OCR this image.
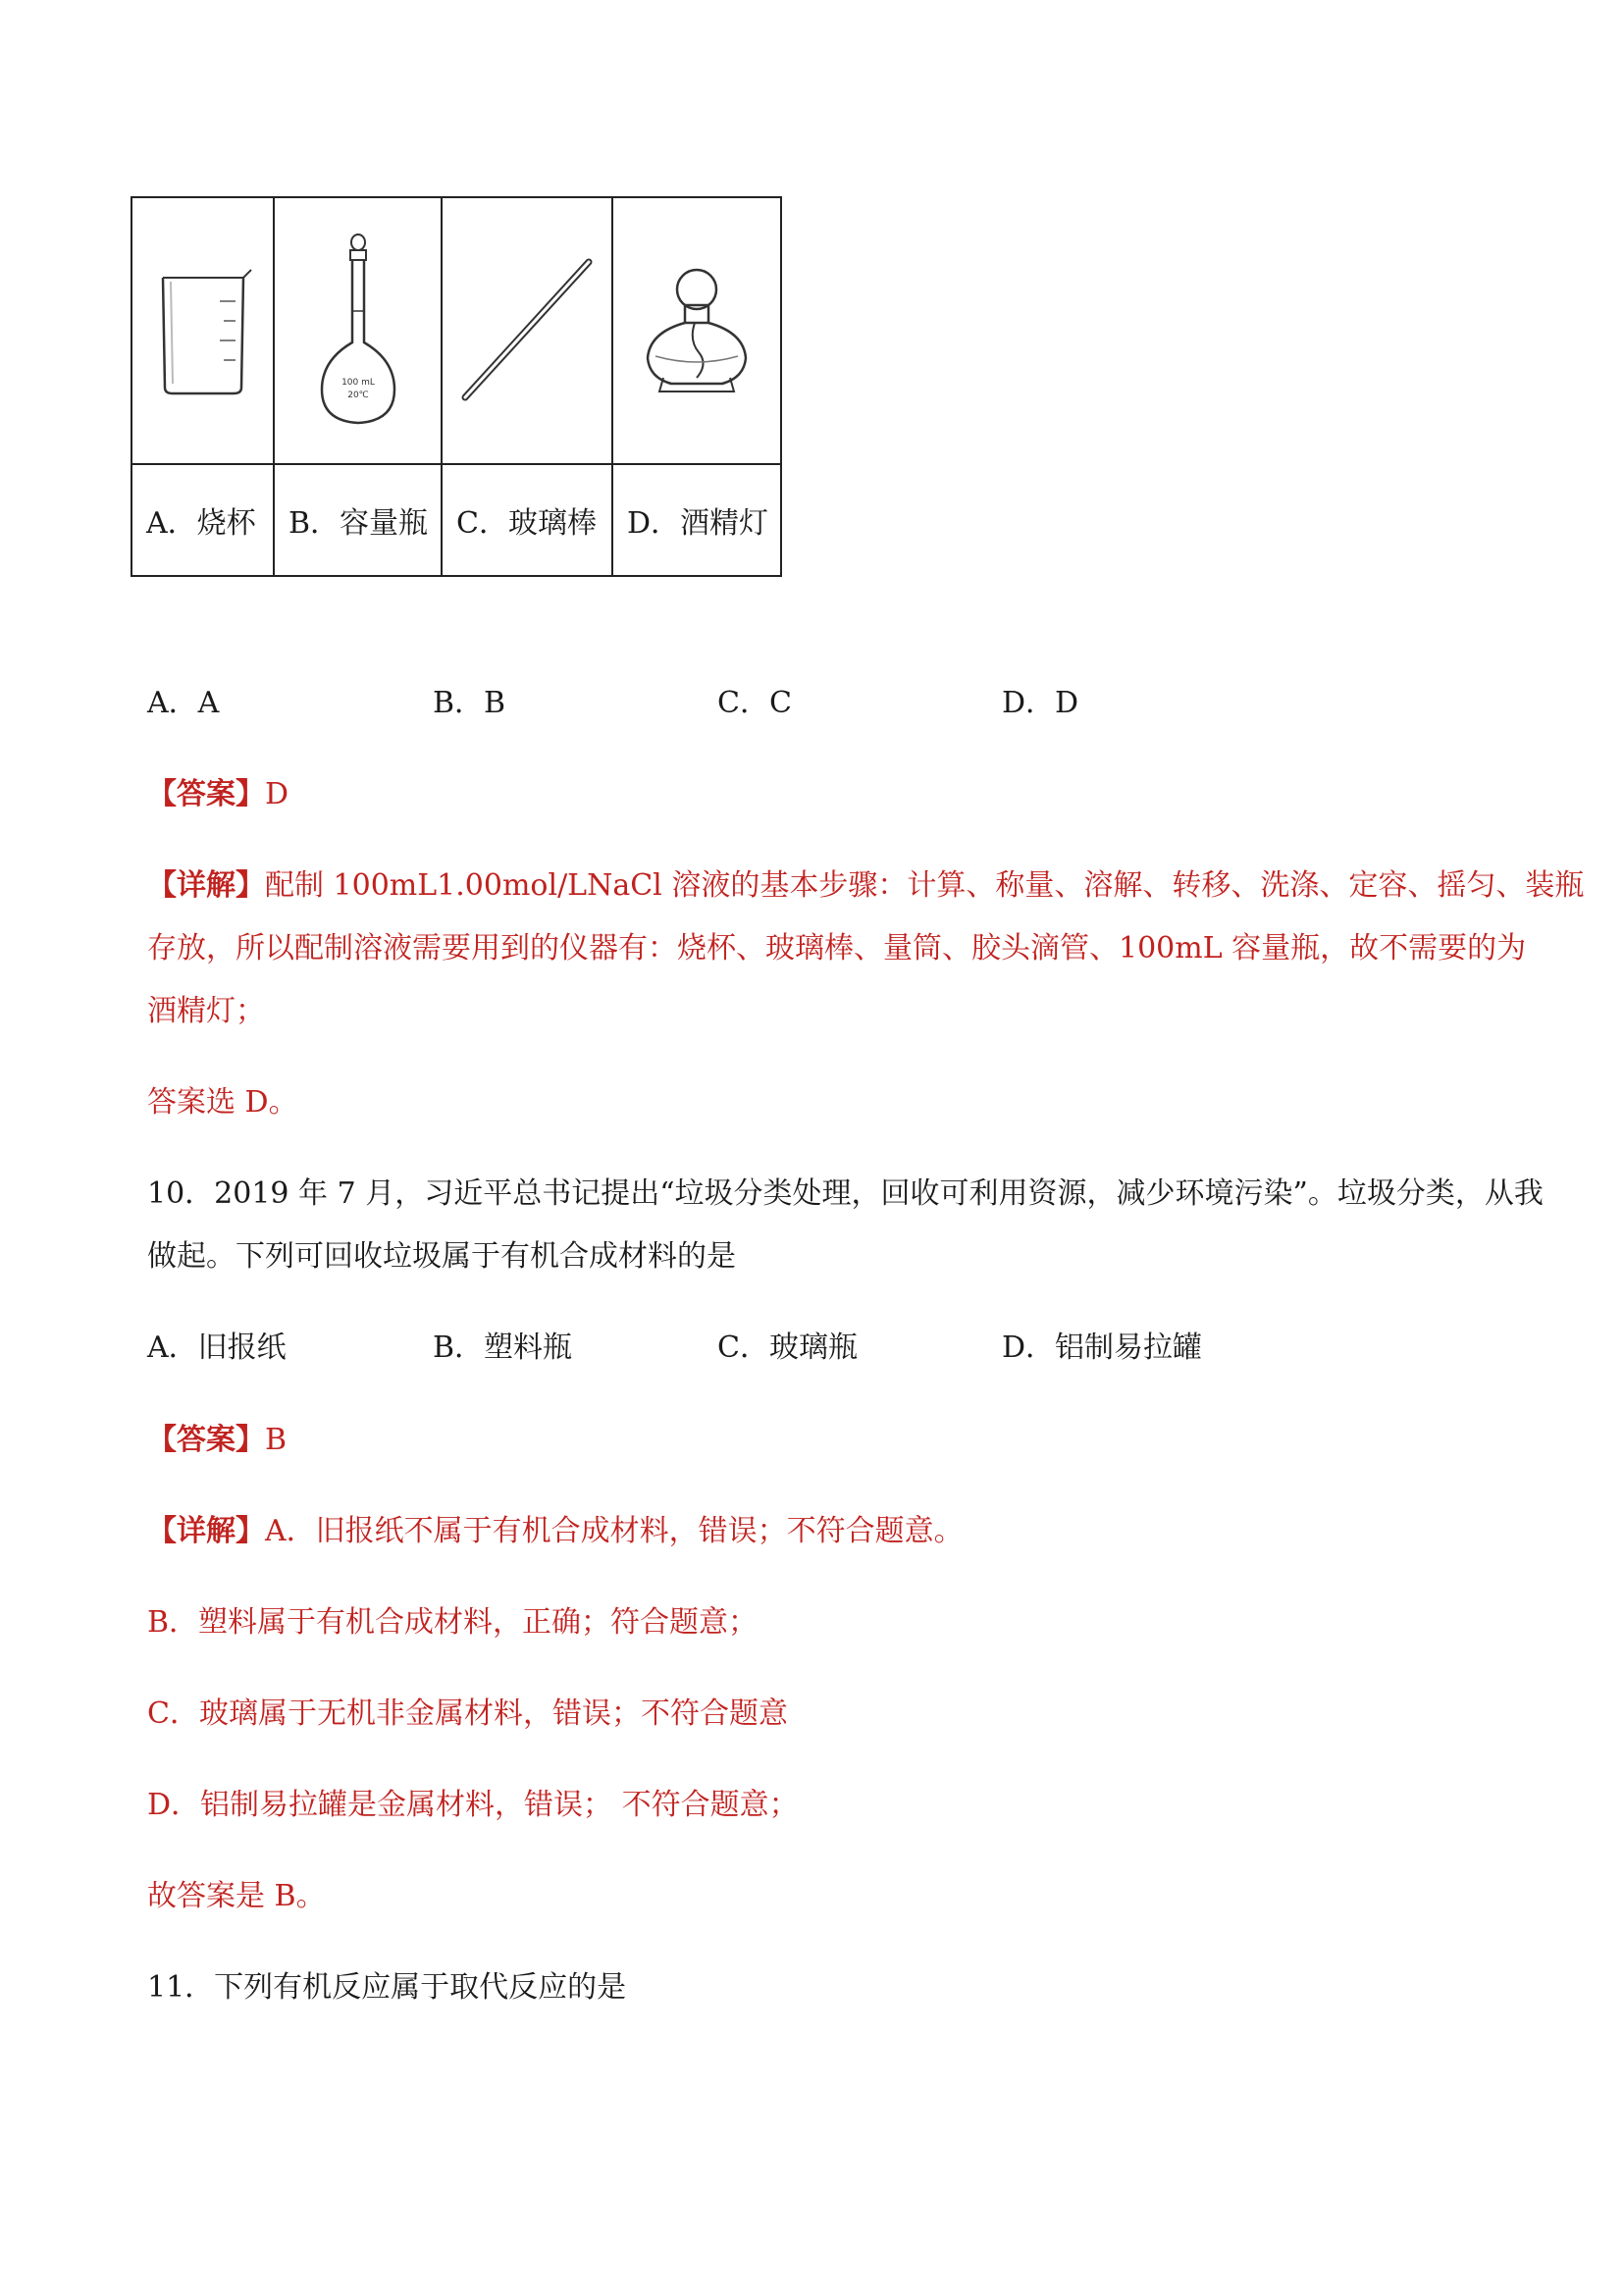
100 mL
20℃

A．烧杯	B．容量瓶	C．玻璃棒	D．酒精灯
A．A	B．B	C．C	D．D
【答案】D
【详解】配制 100mL1.00mol/LNaCl 溶液的基本步骤：计算、称量、溶解、转移、洗涤、定容、摇匀、装瓶
存放，所以配制溶液需要用到的仪器有：烧杯、玻璃棒、量筒、胶头滴管、100mL 容量瓶，故不需要的为
酒精灯；
答案选 D。
10．2019 年 7 月，习近平总书记提出“垃圾分类处理，回收可利用资源，减少环境污染”。垃圾分类，从我
做起。下列可回收垃圾属于有机合成材料的是
A．旧报纸	B．塑料瓶	C．玻璃瓶	D．铝制易拉罐
【答案】B
【详解】A．旧报纸不属于有机合成材料，错误；不符合题意。
B．塑料属于有机合成材料，正确；符合题意；
C．玻璃属于无机非金属材料，错误；不符合题意
D．铝制易拉罐是金属材料，错误； 不符合题意；
故答案是 B。
11．下列有机反应属于取代反应的是
